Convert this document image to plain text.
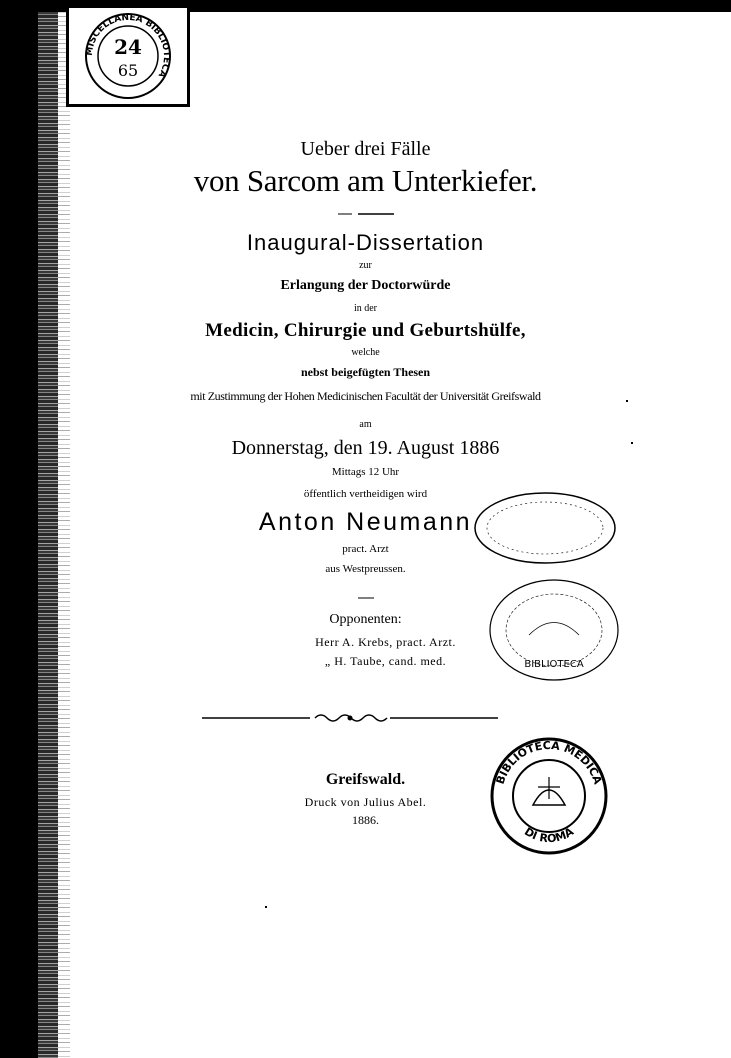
MISCELLANEA BIBLIOTECA
24
65
Ueber drei Fälle
von Sarcom am Unterkiefer.
Inaugural-Dissertation
zur
Erlangung der Doctorwürde
in der
Medicin, Chirurgie und Geburtshülfe,
welche
nebst beigefügten Thesen
mit Zustimmung der Hohen Medicinischen Facultät der Universität Greifswald
am
Donnerstag, den 19. August 1886
Mittags 12 Uhr
öffentlich vertheidigen wird
Anton Neumann
pract. Arzt
aus Westpreussen.
Opponenten:
Herr A. Krebs, pract. Arzt.
„ H. Taube, cand. med.
Greifswald.
Druck von Julius Abel.
1886.
BIBLIOTECA
BIBLIOTECA MEDICA
DI ROMA
